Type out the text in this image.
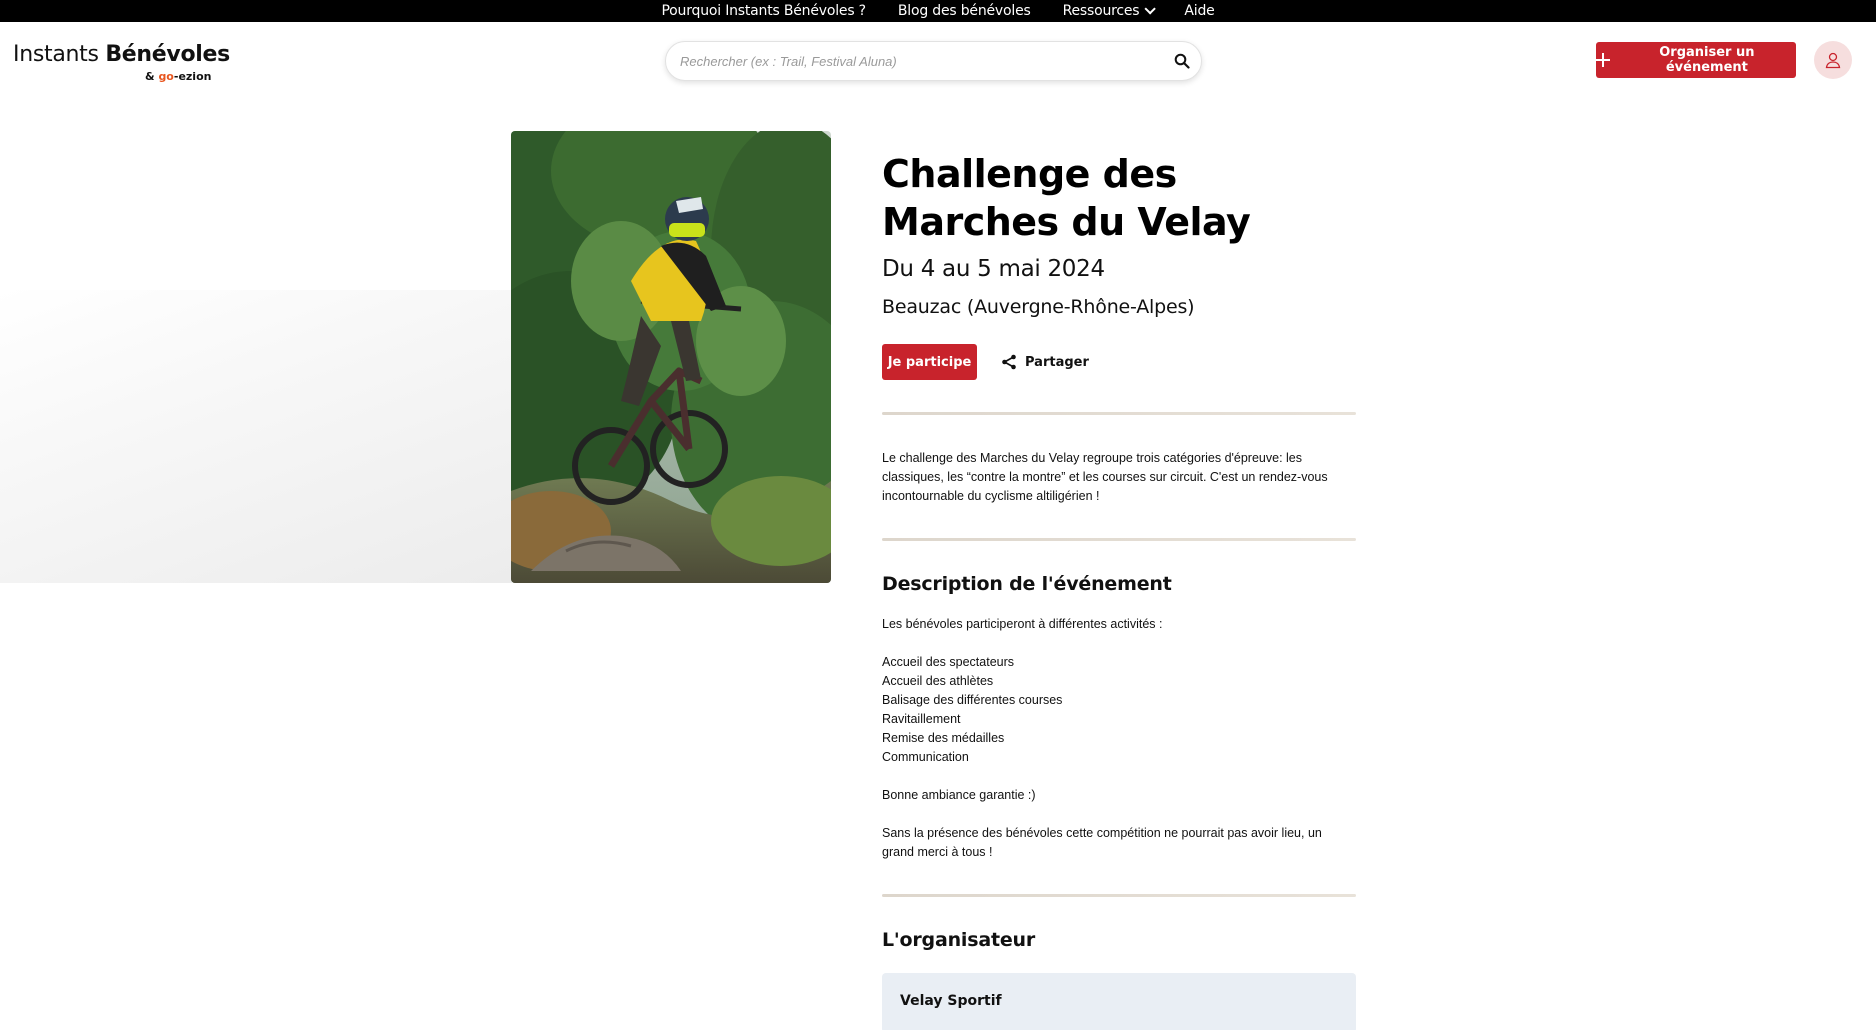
Pourquoi Instants Bénévoles ? Blog des bénévoles Ressources	Aide
Instants Bénévoles
& go-ezion
Rechercher (ex : Trail, Festival Aluna)
Organiser un événement
Challenge des Marches du Velay
Du 4 au 5 mai 2024
Beauzac (Auvergne-Rhône-Alpes)
Je participe	Partager

Le challenge des Marches du Velay regroupe trois catégories d'épreuve: les classiques, les “contre la montre” et les courses sur circuit. C'est un rendez-vous incontournable du cyclisme altiligérien !

Description de l'événement

Les bénévoles participeront à différentes activités :

Accueil des spectateurs

Accueil des athlètes

Balisage des différentes courses

Ravitaillement

Remise des médailles

Communication

Bonne ambiance garantie :)

Sans la présence des bénévoles cette compétition ne pourrait pas avoir lieu, un grand merci à tous !

L'organisateur
Velay Sportif
